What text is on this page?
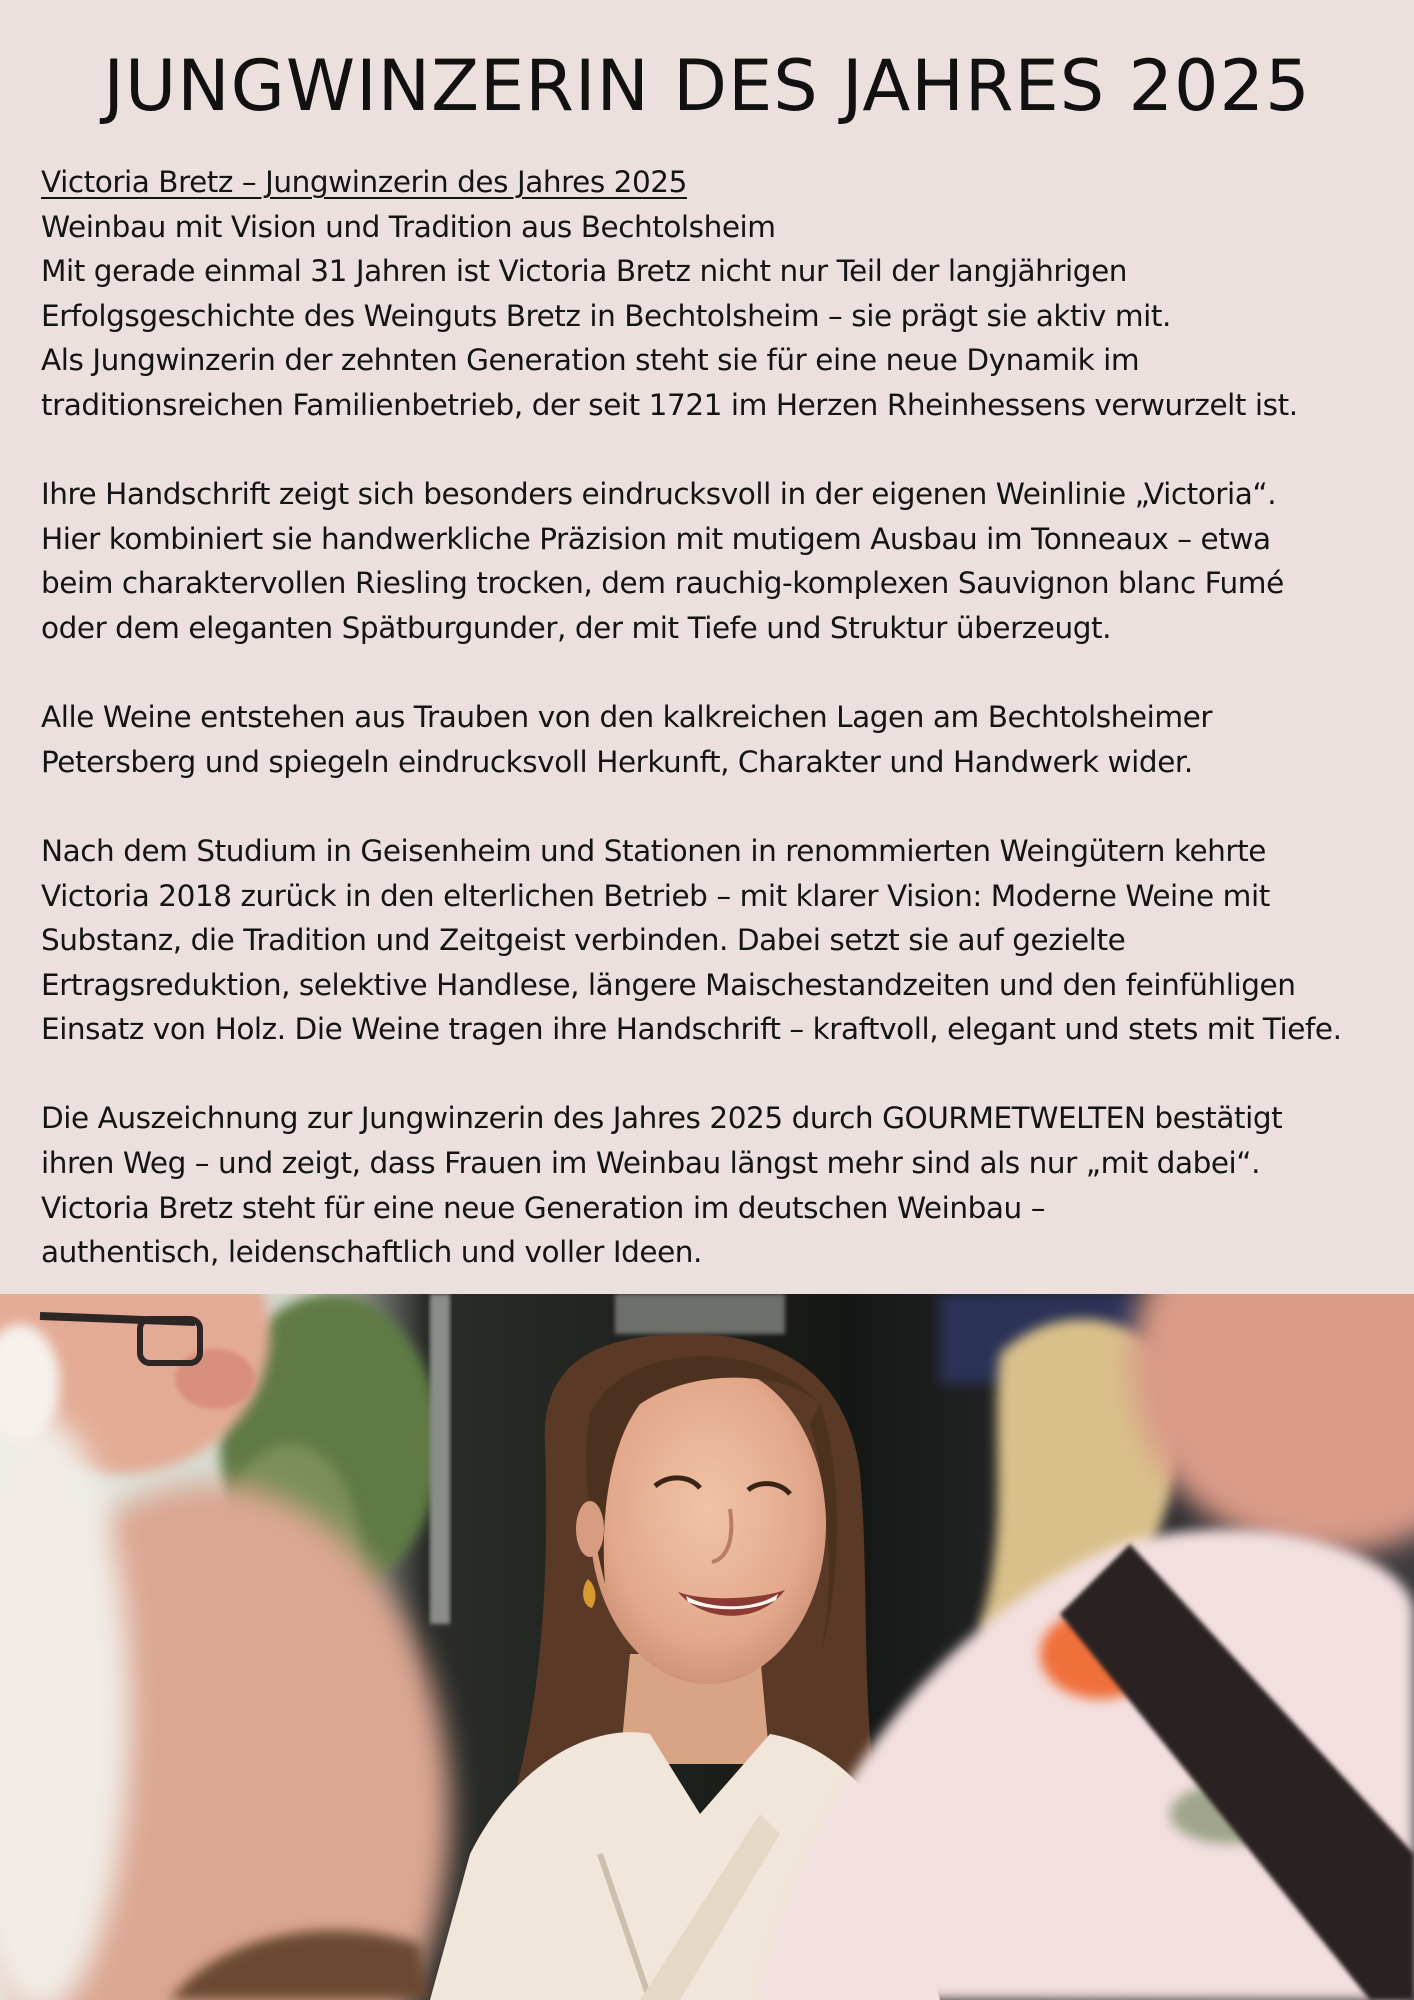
JUNGWINZERIN DES JAHRES 2025

Victoria Bretz – Jungwinzerin des Jahres 2025
Weinbau mit Vision und Tradition aus Bechtolsheim
Mit gerade einmal 31 Jahren ist Victoria Bretz nicht nur Teil der langjährigen
Erfolgsgeschichte des Weinguts Bretz in Bechtolsheim – sie prägt sie aktiv mit.
Als Jungwinzerin der zehnten Generation steht sie für eine neue Dynamik im
traditionsreichen Familienbetrieb, der seit 1721 im Herzen Rheinhessens verwurzelt ist.

Ihre Handschrift zeigt sich besonders eindrucksvoll in der eigenen Weinlinie „Victoria“.
Hier kombiniert sie handwerkliche Präzision mit mutigem Ausbau im Tonneaux – etwa
beim charaktervollen Riesling trocken, dem rauchig-komplexen Sauvignon blanc Fumé
oder dem eleganten Spätburgunder, der mit Tiefe und Struktur überzeugt.

Alle Weine entstehen aus Trauben von den kalkreichen Lagen am Bechtolsheimer
Petersberg und spiegeln eindrucksvoll Herkunft, Charakter und Handwerk wider.

Nach dem Studium in Geisenheim und Stationen in renommierten Weingütern kehrte
Victoria 2018 zurück in den elterlichen Betrieb – mit klarer Vision: Moderne Weine mit
Substanz, die Tradition und Zeitgeist verbinden. Dabei setzt sie auf gezielte
Ertragsreduktion, selektive Handlese, längere Maischestandzeiten und den feinfühligen
Einsatz von Holz. Die Weine tragen ihre Handschrift – kraftvoll, elegant und stets mit Tiefe.

Die Auszeichnung zur Jungwinzerin des Jahres 2025 durch GOURMETWELTEN bestätigt
ihren Weg – und zeigt, dass Frauen im Weinbau längst mehr sind als nur „mit dabei“.
Victoria Bretz steht für eine neue Generation im deutschen Weinbau –
authentisch, leidenschaftlich und voller Ideen.
